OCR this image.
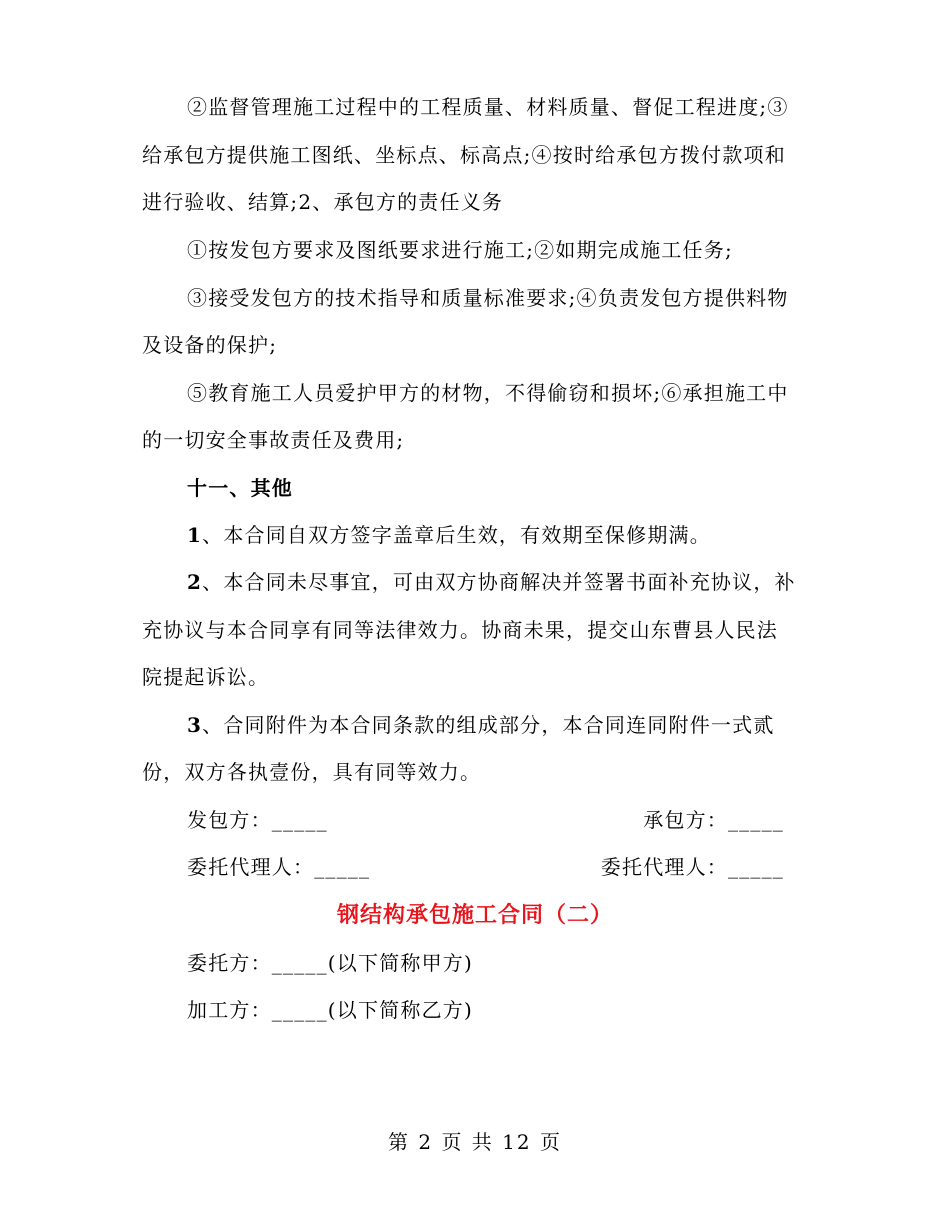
②监督管理施工过程中的工程质量、材料质量、督促工程进度;③
给承包方提供施工图纸、坐标点、标高点;④按时给承包方拨付款项和
进行验收、结算;2、承包方的责任义务
①按发包方要求及图纸要求进行施工;②如期完成施工任务;
③接受发包方的技术指导和质量标准要求;④负责发包方提供料物
及设备的保护;
⑤教育施工人员爱护甲方的材物，不得偷窃和损坏;⑥承担施工中
的一切安全事故责任及费用;
十一、其他
1、本合同自双方签字盖章后生效，有效期至保修期满。
2、本合同未尽事宜，可由双方协商解决并签署书面补充协议，补
充协议与本合同享有同等法律效力。协商未果，提交山东曹县人民法
院提起诉讼。
3、合同附件为本合同条款的组成部分，本合同连同附件一式贰
份，双方各执壹份，具有同等效力。
发包方：_____	承包方：_____
委托代理人：_____	委托代理人：_____
钢结构承包施工合同（二）
委托方：_____(以下简称甲方)
加工方：_____(以下简称乙方)
第 2 页 共 12 页
